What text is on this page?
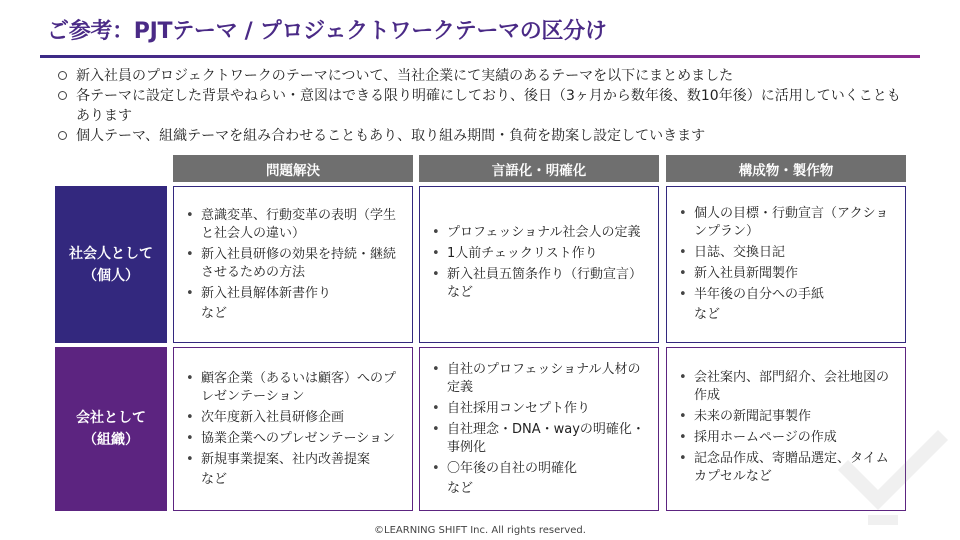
ご参考：PJTテーマ / プロジェクトワークテーマの区分け
新入社員のプロジェクトワークのテーマについて、当社企業にて実績のあるテーマを以下にまとめました
各テーマに設定した背景やねらい・意図はできる限り明確にしており、後日（3ヶ月から数年後、数10年後）に活用していくこともあります
個人テーマ、組織テーマを組み合わせることもあり、取り組み期間・負荷を勘案し設定していきます
問題解決	言語化・明確化	構成物・製作物
社会人として
（個人）
会社として
（組織）
• 意識変革、行動変革の表明（学生と社会人の違い）
• 新入社員研修の効果を持続・継続させるための方法
• 新入社員解体新書作り
など
• プロフェッショナル社会人の定義
• 1人前チェックリスト作り
• 新入社員五箇条作り（行動宣言）など
• 個人の目標・行動宣言（アクションプラン）
• 日誌、交換日記
• 新入社員新聞製作
• 半年後の自分への手紙
など
• 顧客企業（あるいは顧客）へのプレゼンテーション
• 次年度新入社員研修企画
• 協業企業へのプレゼンテーション
• 新規事業提案、社内改善提案
など
• 自社のプロフェッショナル人材の定義
• 自社採用コンセプト作り
• 自社理念・DNA・wayの明確化・事例化
• 〇年後の自社の明確化
など
• 会社案内、部門紹介、会社地図の作成
• 未来の新聞記事製作
• 採用ホームページの作成
• 記念品作成、寄贈品選定、タイムカプセルなど
©LEARNING SHIFT Inc. All rights reserved.
